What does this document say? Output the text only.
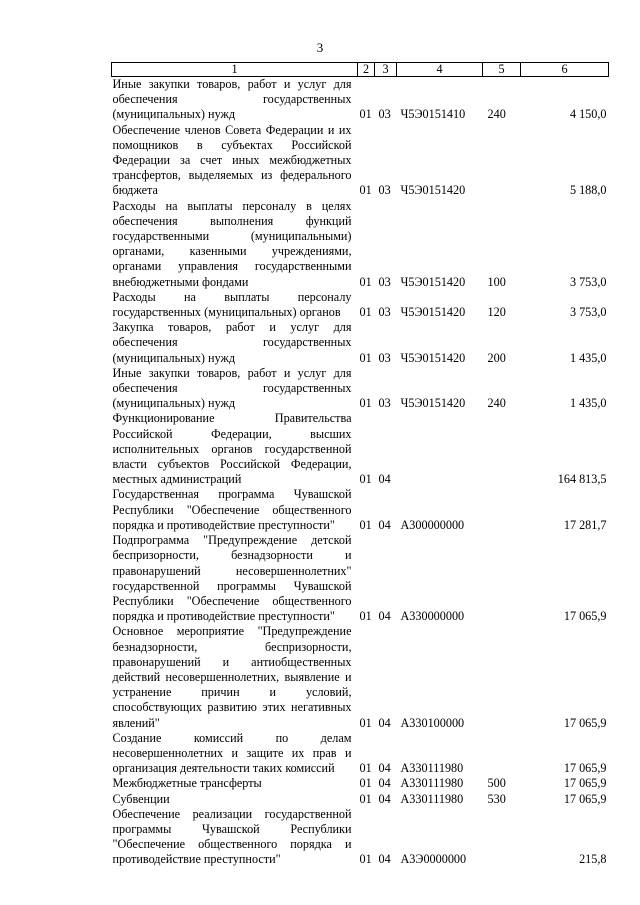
3
1	2	3	4	5	6
Иные закупки товаров, работ и услуг для обеспечения государственных (муниципальных) нужд	01	03	Ч5Э0151410	240	4 150,0
Обеспечение членов Совета Федерации и их помощников в субъектах Российской Федерации за счет иных межбюджетных трансфертов, выделяемых из федерального бюджета	01	03	Ч5Э0151420		5 188,0
Расходы на выплаты персоналу в целях обеспечения выполнения функций государственными (муниципальными) органами, казенными учреждениями, органами управления государственными внебюджетными фондами	01	03	Ч5Э0151420	100	3 753,0
Расходы на выплаты персоналу государственных (муниципальных) органов	01	03	Ч5Э0151420	120	3 753,0
Закупка товаров, работ и услуг для обеспечения государственных (муниципальных) нужд	01	03	Ч5Э0151420	200	1 435,0
Иные закупки товаров, работ и услуг для обеспечения государственных (муниципальных) нужд	01	03	Ч5Э0151420	240	1 435,0
Функционирование Правительства Российской Федерации, высших исполнительных органов государственной власти субъектов Российской Федерации, местных администраций	01	04			164 813,5
Государственная программа Чувашской Республики "Обеспечение общественного порядка и противодействие преступности"	01	04	А300000000		17 281,7
Подпрограмма "Предупреждение детской беспризорности, безнадзорности и правонарушений несовершеннолетних" государственной программы Чувашской Республики "Обеспечение общественного порядка и противодействие преступности"	01	04	А330000000		17 065,9
Основное мероприятие "Предупреждение безнадзорности, беспризорности, правонарушений и антиобщественных действий несовершеннолетних, выявление и устранение причин и условий, способствующих развитию этих негативных явлений"	01	04	А330100000		17 065,9
Создание комиссий по делам несовершеннолетних и защите их прав и организация деятельности таких комиссий	01	04	А330111980		17 065,9
Межбюджетные трансферты	01	04	А330111980	500	17 065,9
Субвенции	01	04	А330111980	530	17 065,9
Обеспечение реализации государственной программы Чувашской Республики "Обеспечение общественного порядка и противодействие преступности"	01	04	А3Э0000000		215,8
